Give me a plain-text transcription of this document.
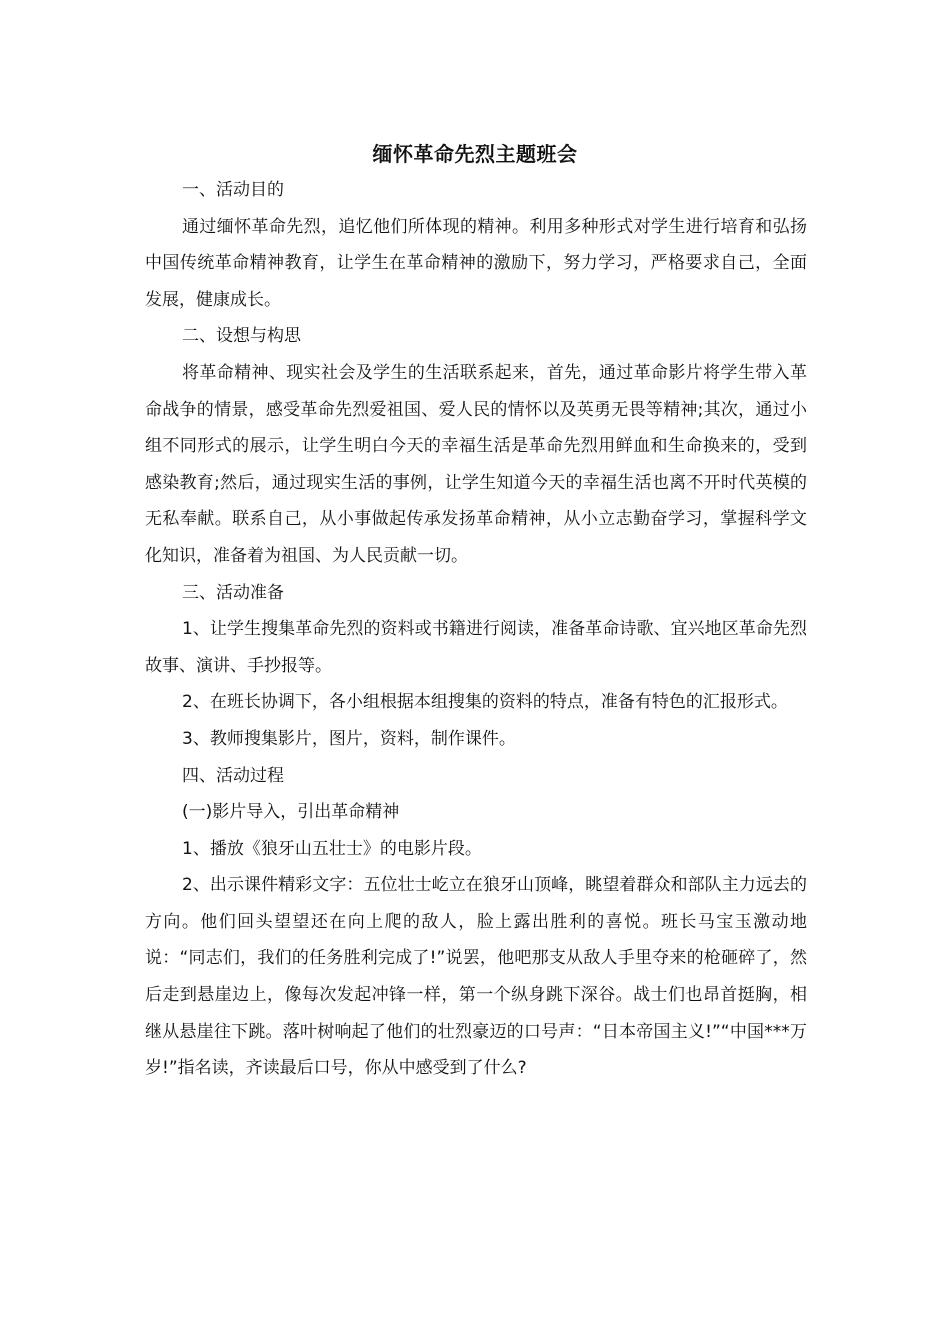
缅怀革命先烈主题班会

一、活动目的

通过缅怀革命先烈，追忆他们所体现的精神。利用多种形式对学生进行培育和弘扬中国传统革命精神教育，让学生在革命精神的激励下，努力学习，严格要求自己，全面发展，健康成长。

二、设想与构思

将革命精神、现实社会及学生的生活联系起来，首先，通过革命影片将学生带入革命战争的情景，感受革命先烈爱祖国、爱人民的情怀以及英勇无畏等精神;其次，通过小组不同形式的展示，让学生明白今天的幸福生活是革命先烈用鲜血和生命换来的，受到感染教育;然后，通过现实生活的事例，让学生知道今天的幸福生活也离不开时代英模的无私奉献。联系自己，从小事做起传承发扬革命精神，从小立志勤奋学习，掌握科学文化知识，准备着为祖国、为人民贡献一切。

三、活动准备

1、让学生搜集革命先烈的资料或书籍进行阅读，准备革命诗歌、宜兴地区革命先烈故事、演讲、手抄报等。

2、在班长协调下，各小组根据本组搜集的资料的特点，准备有特色的汇报形式。

3、教师搜集影片，图片，资料，制作课件。

四、活动过程

(一)影片导入，引出革命精神

1、播放《狼牙山五壮士》的电影片段。

2、出示课件精彩文字：五位壮士屹立在狼牙山顶峰，眺望着群众和部队主力远去的方向。他们回头望望还在向上爬的敌人，脸上露出胜利的喜悦。班长马宝玉激动地说：“同志们，我们的任务胜利完成了!”说罢，他吧那支从敌人手里夺来的枪砸碎了，然后走到悬崖边上，像每次发起冲锋一样，第一个纵身跳下深谷。战士们也昂首挺胸，相继从悬崖往下跳。落叶树响起了他们的壮烈豪迈的口号声：“日本帝国主义!”“中国***万岁!”指名读，齐读最后口号，你从中感受到了什么?
